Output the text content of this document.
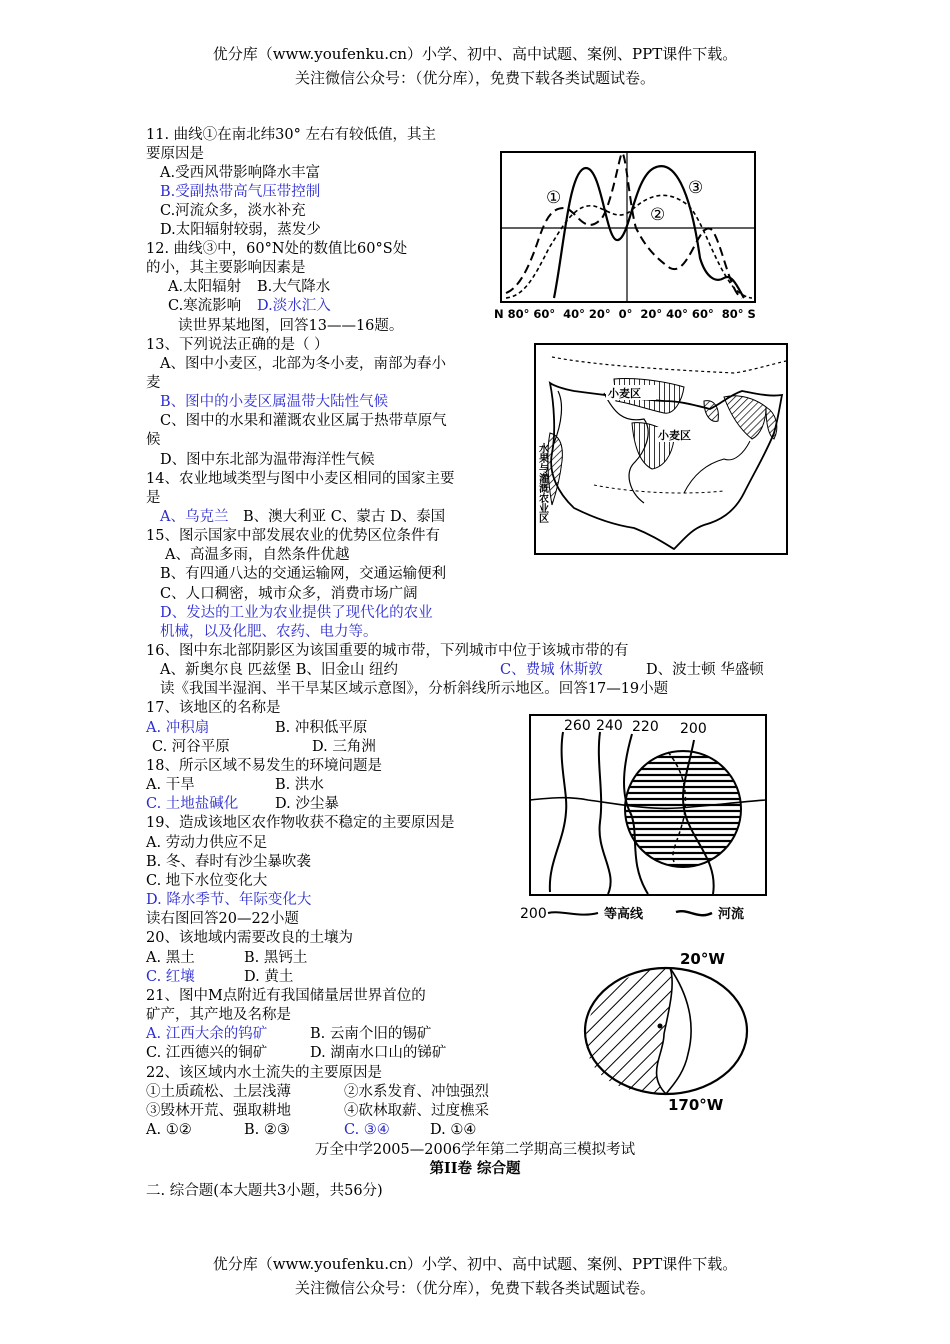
优分库（www.youfenku.cn）小学、初中、高中试题、案例、PPT课件下载。
关注微信公众号：（优分库），免费下载各类试题试卷。
11. 曲线①在南北纬30° 左右有较低值，其主
要原因是
A.受西风带影响降水丰富
B.受副热带高气压带控制
C.河流众多，淡水补充
D.太阳辐射较弱，蒸发少
12. 曲线③中，60°N处的数值比60°S处
的小，其主要影响因素是
A.太阳辐射 B.大气降水
C.寒流影响 D.淡水汇入
读世界某地图，回答13——16题。
13、下列说法正确的是（ ）
A、图中小麦区，北部为冬小麦，南部为春小
麦
B、图中的小麦区属温带大陆性气候
C、图中的水果和灌溉农业区属于热带草原气
候
D、图中东北部为温带海洋性气候
14、农业地域类型与图中小麦区相同的国家主要
是
A、乌克兰 B、澳大利亚 C、蒙古 D、泰国
15、图示国家中部发展农业的优势区位条件有
A、高温多雨，自然条件优越
B、有四通八达的交通运输网，交通运输便利
C、人口稠密，城市众多，消费市场广阔
D、发达的工业为农业提供了现代化的农业
机械，以及化肥、农药、电力等。
16、图中东北部阴影区为该国重要的城市带，下列城市中位于该城市带的有
A、新奥尔良 匹兹堡 B、旧金山 纽约	C、费城 休斯敦	D、波士顿 华盛顿
读《我国半湿润、半干旱某区域示意图》，分析斜线所示地区。回答17—19小题
17、该地区的名称是
A. 冲积扇	B. 冲积低平原
C. 河谷平原	D. 三角洲
18、所示区域不易发生的环境问题是
A. 干旱	B. 洪水
C. 土地盐碱化	D. 沙尘暴
19、造成该地区农作物收获不稳定的主要原因是
A. 劳动力供应不足
B. 冬、春时有沙尘暴吹袭
C. 地下水位变化大
D. 降水季节、年际变化大
读右图回答20—22小题
20、该地域内需要改良的土壤为
A. 黑土	B. 黑钙土
C. 红壤	D. 黄土
21、图中M点附近有我国储量居世界首位的
矿产，其产地及名称是
A. 江西大余的钨矿	B. 云南个旧的锡矿
C. 江西德兴的铜矿	D. 湖南水口山的锑矿
22、该区域内水土流失的主要原因是
①土质疏松、土层浅薄	②水系发育、冲蚀强烈
③毁林开荒、强取耕地	④砍林取薪、过度樵采
A. ①②	B. ②③	C. ③④	D. ①④
万全中学2005—2006学年第二学期高三模拟考试
第II卷 综合题
二. 综合题(本大题共3小题，共56分)
①
②
③
N 80° 60°  40° 20°  0°  20° 40° 60°  80° S
小麦区
小麦区
水果与灌溉农业区
260 240 220 200
200	等高线	河流
20°W
170°W
优分库（www.youfenku.cn）小学、初中、高中试题、案例、PPT课件下载。
关注微信公众号：（优分库），免费下载各类试题试卷。
